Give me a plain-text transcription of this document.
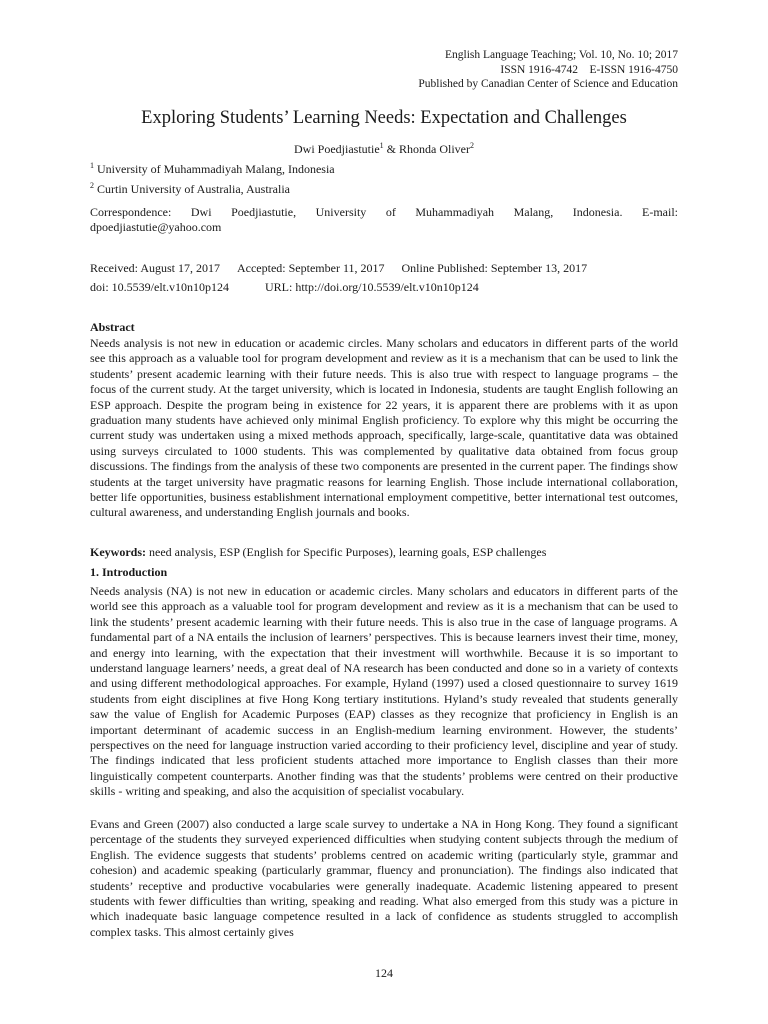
English Language Teaching; Vol. 10, No. 10; 2017
ISSN 1916-4742    E-ISSN 1916-4750
Published by Canadian Center of Science and Education
Exploring Students’ Learning Needs: Expectation and Challenges
Dwi Poedjiastutie$^1$ & Rhonda Oliver$^2$
$^1$ University of Muhammadiyah Malang, Indonesia
$^2$ Curtin University of Australia, Australia
Correspondence: Dwi Poedjiastutie, University of Muhammadiyah Malang, Indonesia. E-mail: dpoedjiastutie@yahoo.com
Received: August 17, 2017 Accepted: September 11, 2017 Online Published: September 13, 2017
doi: 10.5539/elt.v10n10p124	URL: http://doi.org/10.5539/elt.v10n10p124
Abstract

Needs analysis is not new in education or academic circles. Many scholars and educators in different parts of the world see this approach as a valuable tool for program development and review as it is a mechanism that can be used to link the students’ present academic learning with their future needs. This is also true with respect to language programs – the focus of the current study. At the target university, which is located in Indonesia, students are taught English following an ESP approach. Despite the program being in existence for 22 years, it is apparent there are problems with it as upon graduation many students have achieved only minimal English proficiency. To explore why this might be occurring the current study was undertaken using a mixed methods approach, specifically, large-scale, quantitative data was obtained using surveys circulated to 1000 students. This was complemented by qualitative data obtained from focus group discussions. The findings from the analysis of these two components are presented in the current paper. The findings show students at the target university have pragmatic reasons for learning English. Those include international collaboration, better life opportunities, business establishment international employment competitive, better international test outcomes, cultural awareness, and understanding English journals and books.

Keywords: need analysis, ESP (English for Specific Purposes), learning goals, ESP challenges
1. Introduction

Needs analysis (NA) is not new in education or academic circles. Many scholars and educators in different parts of the world see this approach as a valuable tool for program development and review as it is a mechanism that can be used to link the students’ present academic learning with their future needs. This is also true in the case of language programs. A fundamental part of a NA entails the inclusion of learners’ perspectives. This is because learners invest their time, money, and energy into learning, with the expectation that their investment will worthwhile. Because it is so important to understand language learners’ needs, a great deal of NA research has been conducted and done so in a variety of contexts and using different methodological approaches. For example, Hyland (1997) used a closed questionnaire to survey 1619 students from eight disciplines at five Hong Kong tertiary institutions. Hyland’s study revealed that students generally saw the value of English for Academic Purposes (EAP) classes as they recognize that proficiency in English is an important determinant of academic success in an English-medium learning environment. However, the students’ perspectives on the need for language instruction varied according to their proficiency level, discipline and year of study. The findings indicated that less proficient students attached more importance to English classes than their more linguistically competent counterparts. Another finding was that the students’ problems were centred on their productive skills - writing and speaking, and also the acquisition of specialist vocabulary.

Evans and Green (2007) also conducted a large scale survey to undertake a NA in Hong Kong. They found a significant percentage of the students they surveyed experienced difficulties when studying content subjects through the medium of English. The evidence suggests that students’ problems centred on academic writing (particularly style, grammar and cohesion) and academic speaking (particularly grammar, fluency and pronunciation). The findings also indicated that students’ receptive and productive vocabularies were generally inadequate. Academic listening appeared to present students with fewer difficulties than writing, speaking and reading. What also emerged from this study was a picture in which inadequate basic language competence resulted in a lack of confidence as students struggled to accomplish complex tasks. This almost certainly gives

124
